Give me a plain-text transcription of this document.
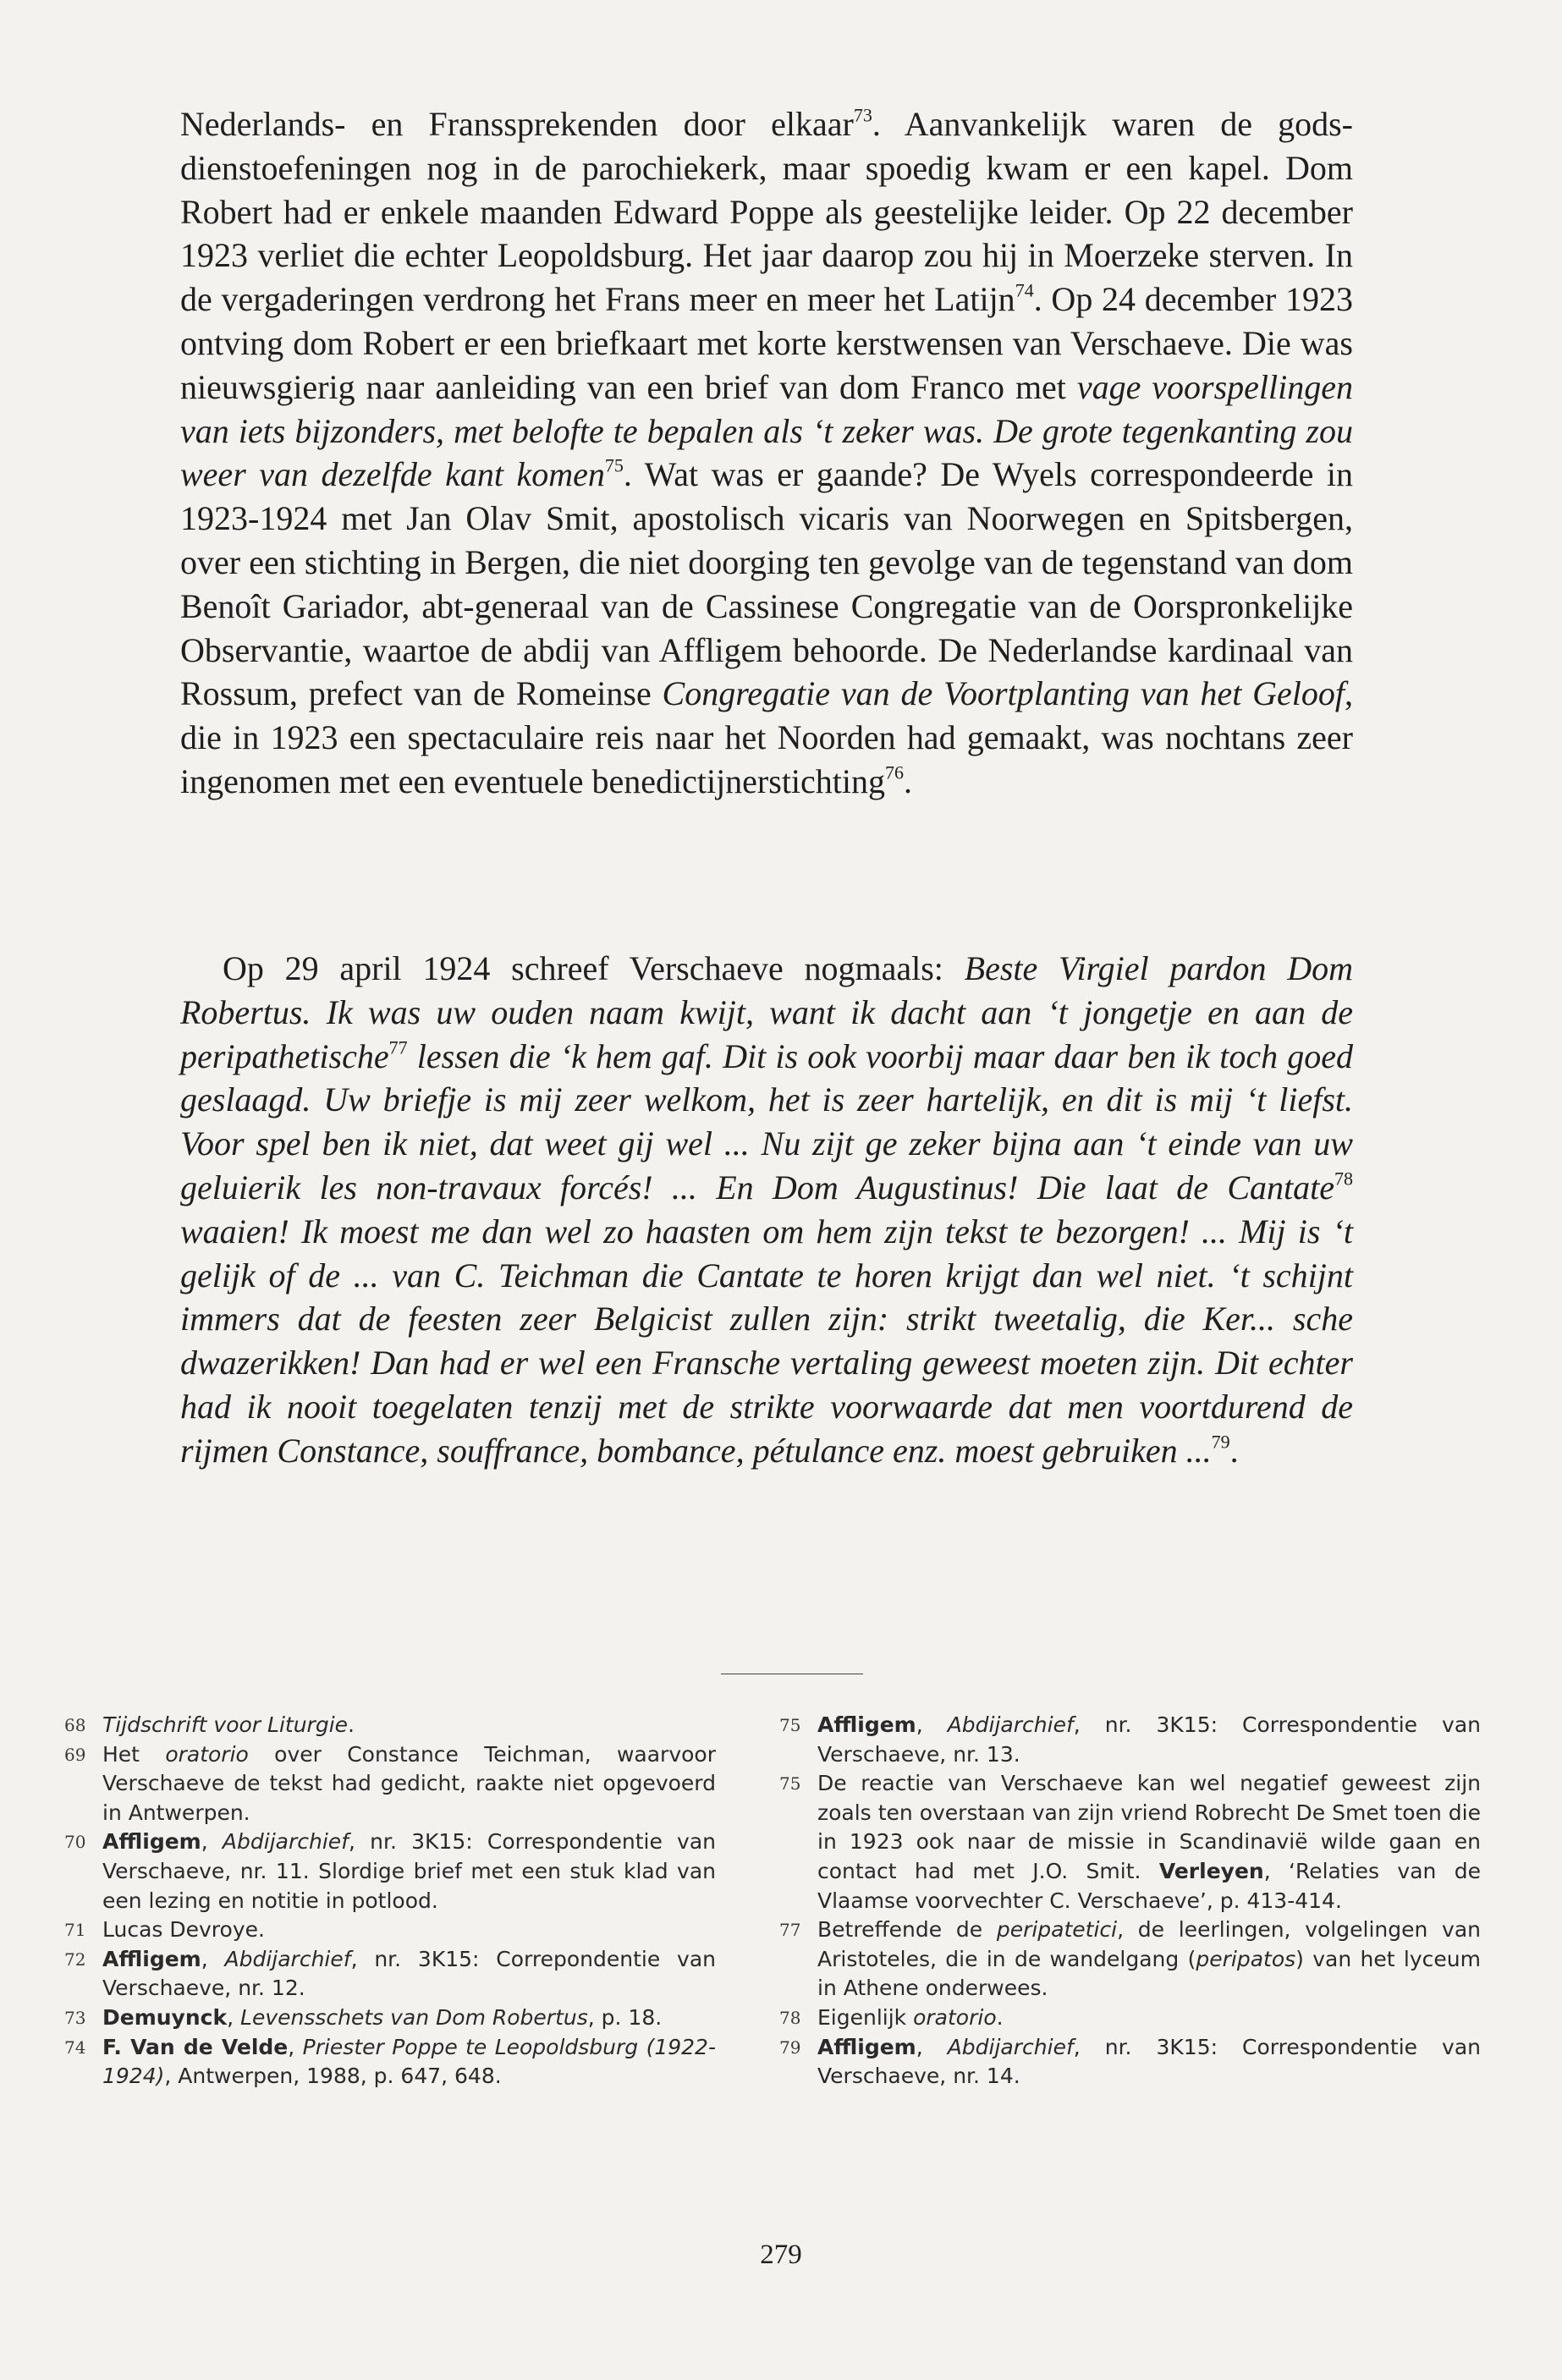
Nederlands- en Franssprekenden door elkaar$^{73}$. Aanvankelijk waren de godsdienstoefeningen nog in de parochiekerk, maar spoedig kwam er een kapel. Dom Robert had er enkele maanden Edward Poppe als geestelijke leider. Op 22 december 1923 verliet die echter Leopoldsburg. Het jaar daarop zou hij in Moerzeke sterven. In de vergaderingen verdrong het Frans meer en meer het Latijn$^{74}$. Op 24 december 1923 ontving dom Robert er een briefkaart met korte kerstwensen van Verschaeve. Die was nieuwsgierig naar aanleiding van een brief van dom Franco met vage voorspellingen van iets bijzonders, met belofte te bepalen als ‘t zeker was. De grote tegenkanting zou weer van dezelfde kant komen$^{75}$. Wat was er gaande? De Wyels correspondeerde in 1923-1924 met Jan Olav Smit, apostolisch vicaris van Noorwegen en Spitsbergen, over een stichting in Bergen, die niet doorging ten gevolge van de tegenstand van dom Benoît Gariador, abt-generaal van de Cassinese Congregatie van de Oorspronkelijke Observantie, waartoe de abdij van Affligem behoorde. De Nederlandse kardinaal van Rossum, prefect van de Romeinse Congregatie van de Voortplanting van het Geloof, die in 1923 een spectaculaire reis naar het Noorden had gemaakt, was nochtans zeer ingenomen met een eventuele benedictijnerstichting$^{76}$.
Op 29 april 1924 schreef Verschaeve nogmaals: Beste Virgiel pardon Dom Robertus. Ik was uw ouden naam kwijt, want ik dacht aan ‘t jongetje en aan de peripathetische$^{77}$ lessen die ‘k hem gaf. Dit is ook voorbij maar daar ben ik toch goed geslaagd. Uw briefje is mij zeer welkom, het is zeer hartelijk, en dit is mij ‘t liefst. Voor spel ben ik niet, dat weet gij wel ... Nu zijt ge zeker bijna aan ‘t einde van uw geluierik les non-travaux forcés! ... En Dom Augustinus! Die laat de Cantate$^{78}$ waaien! Ik moest me dan wel zo haasten om hem zijn tekst te bezorgen! ... Mij is ‘t gelijk of de ... van C. Teichman die Cantate te horen krijgt dan wel niet. ‘t schijnt immers dat de feesten zeer Belgicist zullen zijn: strikt tweetalig, die Ker... sche dwazerikken! Dan had er wel een Fransche vertaling geweest moeten zijn. Dit echter had ik nooit toegelaten tenzij met de strikte voorwaarde dat men voortdurend de rijmen Constance, souffrance, bombance, pétulance enz. moest gebruiken ...$^{79}$.

68 Tijdschrift voor Liturgie.

69 Het oratorio over Constance Teichman, waarvoor Verschaeve de tekst had gedicht, raakte niet opgevoerd in Antwerpen.

70 Affligem, Abdijarchief, nr. 3K15: Correspondentie van Verschaeve, nr. 11. Slordige brief met een stuk klad van een lezing en notitie in potlood.

71 Lucas Devroye.

72 Affligem, Abdijarchief, nr. 3K15: Correpondentie van Verschaeve, nr. 12.

73 Demuynck, Levensschets van Dom Robertus, p. 18.

74 F. Van de Velde, Priester Poppe te Leopoldsburg (1922-1924), Antwerpen, 1988, p. 647, 648.

75 Affligem, Abdijarchief, nr. 3K15: Correspondentie van Verschaeve, nr. 13.

75 De reactie van Verschaeve kan wel negatief geweest zijn zoals ten overstaan van zijn vriend Robrecht De Smet toen die in 1923 ook naar de missie in Scandinavië wilde gaan en contact had met J.O. Smit. Verleyen, ‘Relaties van de Vlaamse voorvechter C. Verschaeve’, p. 413-414.

77 Betreffende de peripatetici, de leerlingen, volgelingen van Aristoteles, die in de wandelgang (peripatos) van het lyceum in Athene onderwees.

78 Eigenlijk oratorio.

79 Affligem, Abdijarchief, nr. 3K15: Correspondentie van Verschaeve, nr. 14.

279
